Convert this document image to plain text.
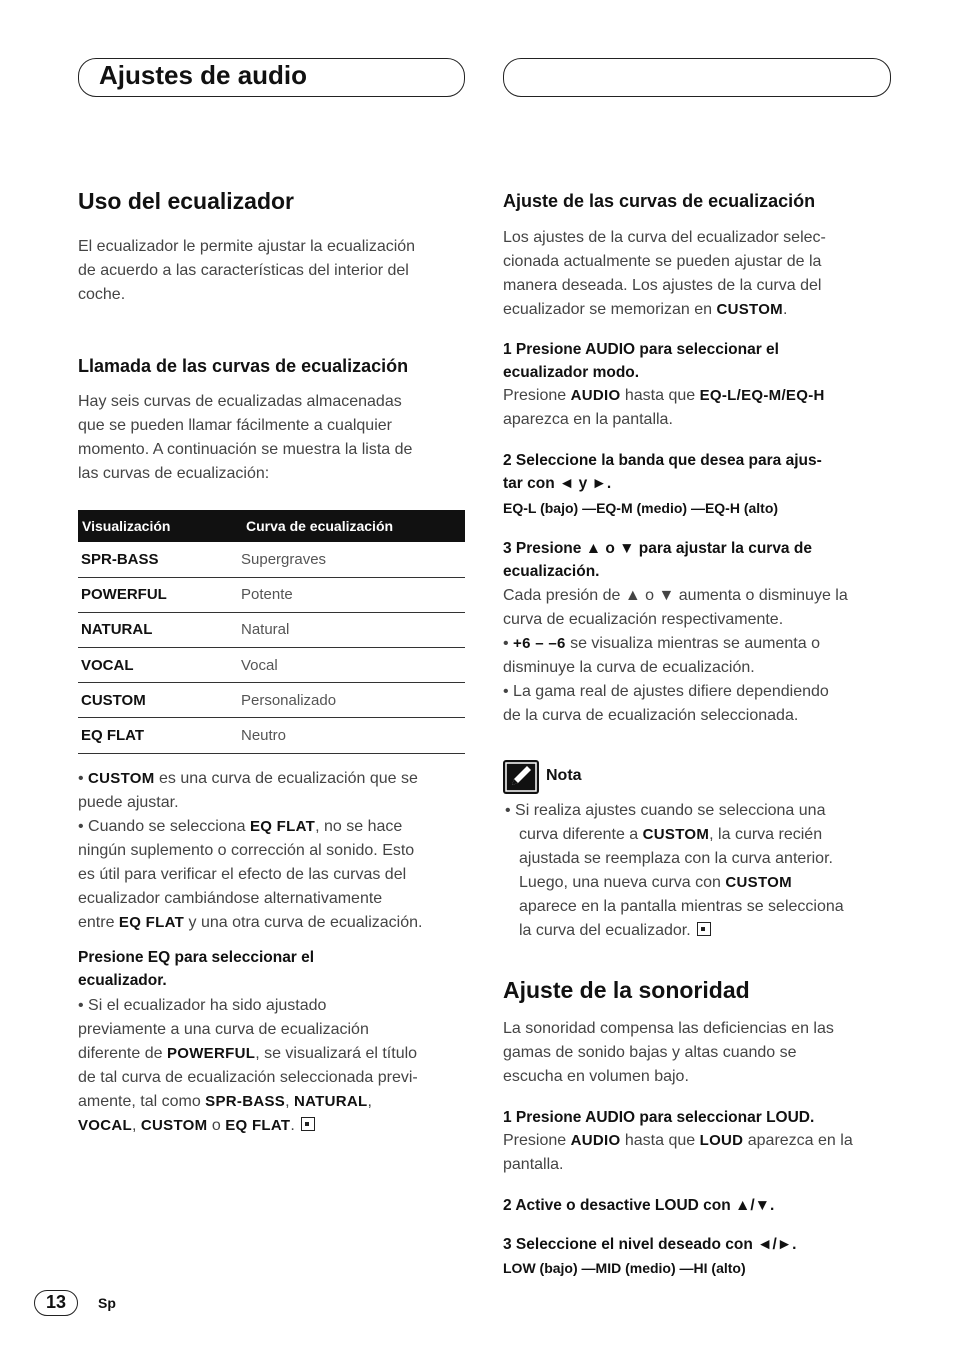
Ajustes de audio
Uso del ecualizador
El ecualizador le permite ajustar la ecualización
de acuerdo a las características del interior del
coche.
Llamada de las curvas de ecualización
Hay seis curvas de ecualizadas almacenadas
que se pueden llamar fácilmente a cualquier
momento. A continuación se muestra la lista de
las curvas de ecualización:
Visualización	Curva de ecualización
SPR-BASS	Supergraves
POWERFUL	Potente
NATURAL	Natural
VOCAL	Vocal
CUSTOM	Personalizado
EQ FLAT	Neutro
• CUSTOM es una curva de ecualización que se
puede ajustar.
• Cuando se selecciona EQ FLAT, no se hace
ningún suplemento o corrección al sonido. Esto
es útil para verificar el efecto de las curvas del
ecualizador cambiándose alternativamente
entre EQ FLAT y una otra curva de ecualización.
Presione EQ para seleccionar el
ecualizador.
• Si el ecualizador ha sido ajustado
previamente a una curva de ecualización
diferente de POWERFUL, se visualizará el título
de tal curva de ecualización seleccionada previ-
amente, tal como SPR-BASS, NATURAL,
VOCAL, CUSTOM o EQ FLAT.
Ajuste de las curvas de ecualización
Los ajustes de la curva del ecualizador selec-
cionada actualmente se pueden ajustar de la
manera deseada. Los ajustes de la curva del
ecualizador se memorizan en CUSTOM.
1 Presione AUDIO para seleccionar el
ecualizador modo.
Presione AUDIO hasta que EQ-L/EQ-M/EQ-H
aparezca en la pantalla.
2 Seleccione la banda que desea para ajus-
tar con ◄ y ►.
EQ-L (bajo) —EQ-M (medio) —EQ-H (alto)
3 Presione ▲ o ▼ para ajustar la curva de
ecualización.
Cada presión de ▲ o ▼ aumenta o disminuye la
curva de ecualización respectivamente.
• +6 – –6 se visualiza mientras se aumenta o
disminuye la curva de ecualización.
• La gama real de ajustes difiere dependiendo
de la curva de ecualización seleccionada.
• Si realiza ajustes cuando se selecciona una
curva diferente a CUSTOM, la curva recién
ajustada se reemplaza con la curva anterior.
Luego, una nueva curva con CUSTOM
aparece en la pantalla mientras se selecciona
la curva del ecualizador.
Ajuste de la sonoridad
La sonoridad compensa las deficiencias en las
gamas de sonido bajas y altas cuando se
escucha en volumen bajo.
1 Presione AUDIO para seleccionar LOUD.
Presione AUDIO hasta que LOUD aparezca en la
pantalla.
2 Active o desactive LOUD con ▲/▼.
3 Seleccione el nivel deseado con ◄/►.
LOW (bajo) —MID (medio) —HI (alto)
Nota
13	Sp
